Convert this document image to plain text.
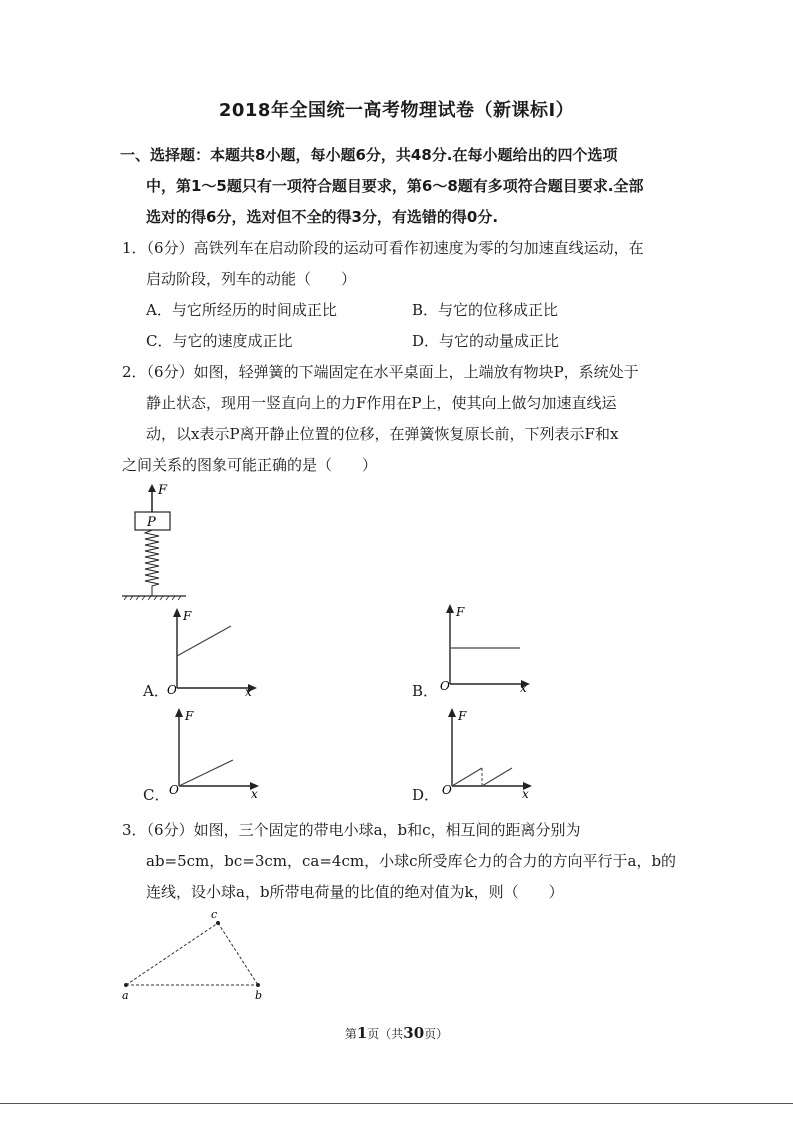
2018年全国统一高考物理试卷（新课标Ⅰ）
一、选择题：本题共8小题，每小题6分，共48分.在每小题给出的四个选项
中，第1～5题只有一项符合题目要求，第6～8题有多项符合题目要求.全部
选对的得6分，选对但不全的得3分，有选错的得0分.
1．（6分）高铁列车在启动阶段的运动可看作初速度为零的匀加速直线运动，在
启动阶段，列车的动能（　　）
A．与它所经历的时间成正比	B．与它的位移成正比
C．与它的速度成正比	D．与它的动量成正比
2．（6分）如图，轻弹簧的下端固定在水平桌面上，上端放有物块P，系统处于
静止状态，现用一竖直向上的力F作用在P上，使其向上做匀加速直线运
动，以x表示P离开静止位置的位移，在弹簧恢复原长前，下列表示F和x
之间关系的图象可能正确的是（　　）
F
P
A．
F
O	x	B．
F
O	x
C．
F
O	x	D．
F
O	x
3．（6分）如图，三个固定的带电小球a，b和c，相互间的距离分别为
ab=5cm，bc=3cm，ca=4cm，小球c所受库仑力的合力的方向平行于a，b的
连线，设小球a，b所带电荷量的比值的绝对值为k，则（　　）
a	b
c
第1页（共30页）
